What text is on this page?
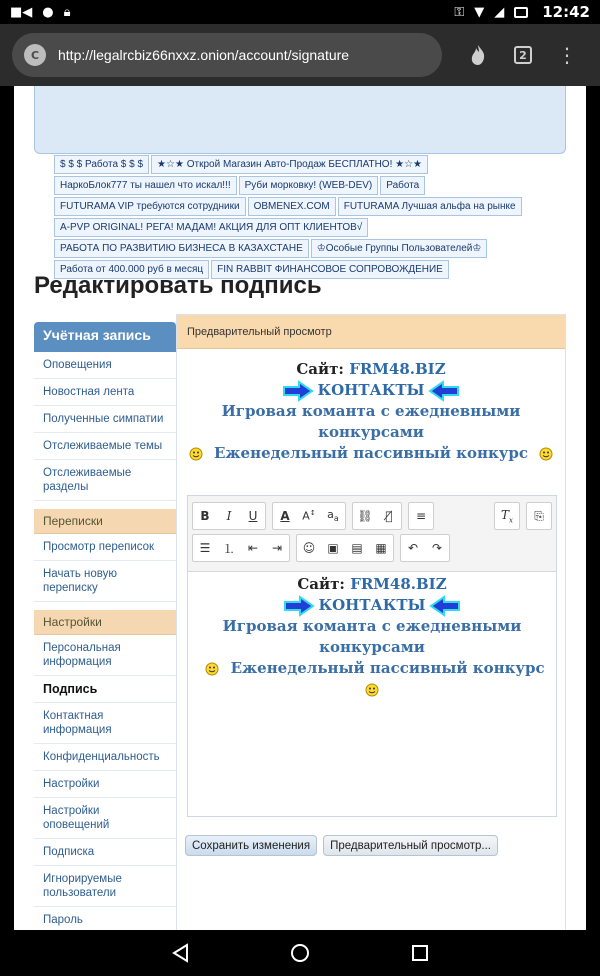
■◀ ● 🔒︎	⚿ ▼ ◢	12:42
C	http://legalrcbiz66nxxz.onion/account/signature	2 ⋮
$ $ $ Работа $ $ $	★☆★ Открой Магазин Авто-Продаж БЕСПЛАТНО! ★☆★
НаркоБлок777 ты нашел что искал!!!	Руби морковку! (WEB-DEV)	Работа
FUTURAMA VIP требуются сотрудники	OBMENEX.COM	FUTURAMA Лучшая альфа на рынке
A-PVP ORIGINAL! РЕГА! МАДАМ! АКЦИЯ ДЛЯ ОПТ КЛИЕНТОВ√
РАБОТА ПО РАЗВИТИЮ БИЗНЕСА В КАЗАХСТАНЕ	♔Особые Группы Пользователей♔
Работа от 400.000 руб в месяц	FIN RABBIT ФИНАНСОВОЕ СОПРОВОЖДЕНИЕ
Редактировать подпись
Учётная запись
Оповещения
Новостная лента
Полученные симпатии
Отслеживаемые темы
Отслеживаемые разделы
Переписки
Просмотр переписок
Начать новую переписку
Настройки
Персональная информация
Подпись
Контактная информация
Конфиденциальность
Настройки
Настройки оповещений
Подписка
Игнорируемые пользователи
Пароль
Предварительный просмотр
Сайт: FRM48.BIZ
КОНТАКТЫ
Игровая команта с ежедневными конкурсами
Еженедельный пассивный конкурс
B	I	U	A A↕ $a_a$	⛓	⛓̸	≡	$T_x$	⎘
☰	⒈	⇤	⇥	☺	▣	▤	▦	↶	↷
Сайт: FRM48.BIZ
КОНТАКТЫ
Игровая команта с ежедневными конкурсами
Еженедельный пассивный конкурс
Сохранить изменения	Предварительный просмотр...
